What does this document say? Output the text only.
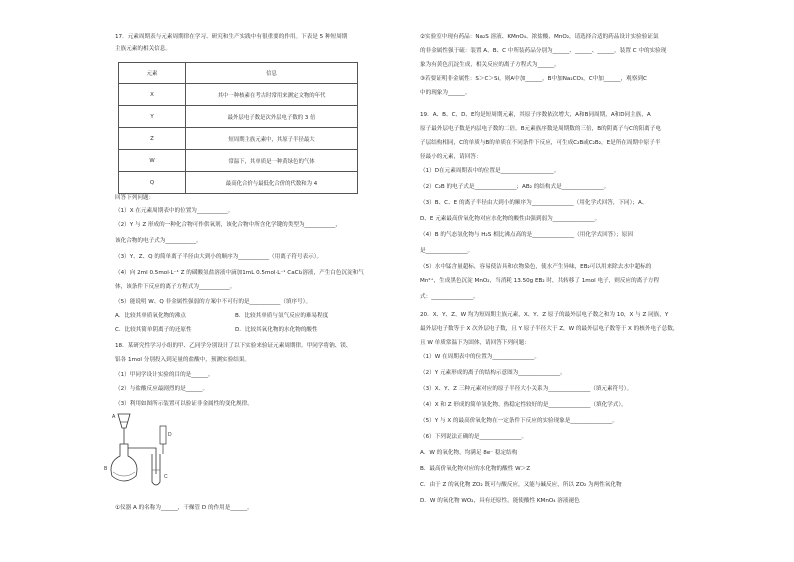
17．元素周期表与元素周期律在学习、研究和生产实践中有很重要的作用。下表是 5 种短周期
主族元素的相关信息。
元素	信息
X	其中一种核素在考古时常用来测定文物的年代
Y	最外层电子数是次外层电子数的 3 倍
Z	短周期主族元素中，其原子半径最大
W	常温下，其单质是一种黄绿色的气体
Q	最高化合价与最低化合价的代数和为 4
回答下列问题：
（1）X 在元素周期表中的位置为___________。
（2）Y 与 Z 形成的一种化合物可作供氧剂，该化合物中所含化学键的类型为___________，
该化合物的电子式为___________。
（3）Y、Z、Q 的简单离子半径由大到小的顺序为___________（用离子符号表示）。
（4）向 2ml 0.5mol·L⁻¹ Z 的磺酸氢盐溶液中滴加1mL 0.5mol·L⁻¹ CaCl₂溶液，产生白色沉淀和气
体，该条件下反应的离子方程式为___________。
（5）能说明 W、Q 非金属性强弱的方案中不可行的是___________（填序号）。
A．比较其单质氧化物的沸点	B．比较其单质与氢气反应的难易程度
C．比较其简单阴离子的还原性	D．比较其氧化物的水化物的酸性
18．某研究性学习小组的甲、乙同学分别设计了以下实验来验证元素周期律。甲同学将钠、镁、
铝各 1mol 分别投入到足量的盐酸中，预测实验结果。
（1）甲同学设计实验的目的是______。
（2）与盐酸反应最剧烈的是______。
（3）利用如图所示装置可以验证非金属性的变化规律。
A
B
C
D
①仪器 A 的名称为______，干燥管 D 的作用是______。
②实验室中现有药品：Na₂S 溶液、KMnO₄、浓盐酸、MnO₂，请选择合适的药品设计实验验证氯
的非金属性强于硫：装置 A、B、C 中所装药品分别为______、______、______，装置 C 中的实验现
象为有黄色沉淀生成，相关反应的离子方程式为______。
③若要证明非金属性：S＞C＞Si，则A中加______，B中加Na₂CO₃，C中加______，观察到C
中的现象为______。
19．A、B、C、D、E均是短周期元素，其原子序数依次增大，A和B同周期，A和D同主族，A
原子最外层电子数是内层电子数的二倍，B元素族序数是周期数的三倍，B的阴离子与C的阳离子电
子层结构相同，C的单质与B的单质在不同条件下反应，可生成C₂B或C₂B₂，E是所在周期中原子半
径最小的元素，请回答：
（1）D在元素周期表中的位置是___________________。
（2）C₂B 的电子式是_______________；AB₂ 的结构式是_______________。
（3）B、C、E 的离子半径由大到小的顺序为_______________（用化学式回答，下同）；A、
D、E 元素最高价氧化物对应水化物的酸性由强到弱为_______________。
（4）B 的气态氢化物与 H₂S 相比沸点高的是_______________（用化学式回答）；原因
是_______________。
（5）水中锰含量超标，容易使洁具和衣物染色，使水产生异味，EB₂可以用来除去水中超标的
Mn²⁺，生成黑色沉淀 MnO₂，当消耗 13.50g EB₂ 时，共转移了 1mol 电子，则反应的离子方程
式：_______________。
20．X、Y、Z、W 均为短周期主族元素，X、Y、Z 原子的最外层电子数之和为 10，X 与 Z 同族，Y
最外层电子数等于 X 次外层电子数，且 Y 原子半径大于 Z，W 的最外层电子数等于 X 的核外电子总数，
且 W 单质常温下为固体，请回答下列问题：
（1）W 在周期表中的位置为_______________。
（2）Y 元素形成的离子的结构示意图为_______________。
（3）X、Y、Z 三种元素对应的原子半径大小关系为_______________（填元素符号）。
（4）X 和 Z 形成的简单氢化物，热稳定性较好的是_______________（填化学式）。
（5）Y 与 X 的最高价氧化物在一定条件下反应的实验现象是_______________。
（6）下列说法正确的是_______________。
A．W 的氧化物，均满足 8e⁻ 稳定结构
B．最高价氧化物对应的水化物的酸性 W＞Z
C．由于 Z 的氧化物 ZO₂ 既可与酸反应，又能与碱反应，所以 ZO₂ 为两性氧化物
D．W 的氧化物 WO₂，具有还原性，能使酸性 KMnO₄ 溶液褪色
